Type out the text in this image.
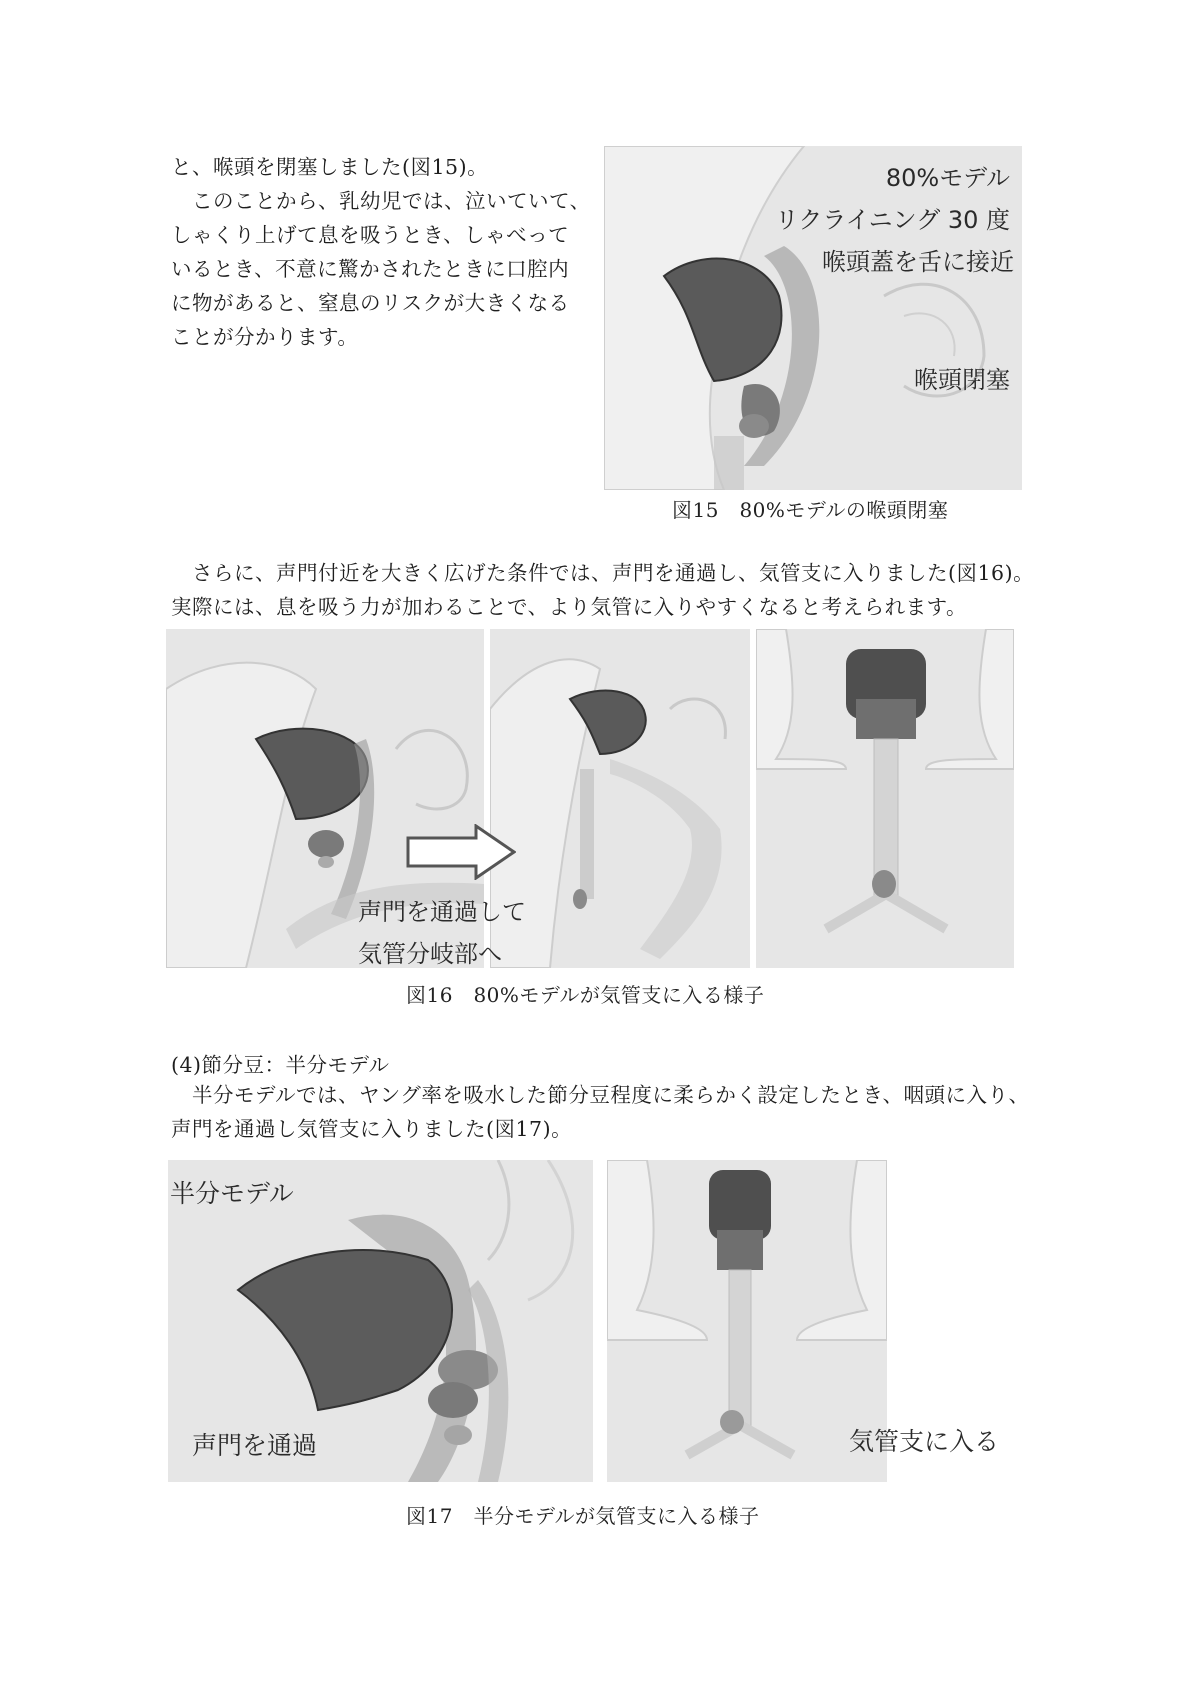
と、喉頭を閉塞しました(図15)。
　このことから、乳幼児では、泣いていて、
しゃくり上げて息を吸うとき、しゃべって
いるとき、不意に驚かされたときに口腔内
に物があると、窒息のリスクが大きくなる
ことが分かります。
80%モデル
リクライニング 30 度
喉頭蓋を舌に接近
喉頭閉塞
図15　80%モデルの喉頭閉塞
　さらに、声門付近を大きく広げた条件では、声門を通過し、気管支に入りました(図16)。
実際には、息を吸う力が加わることで、より気管に入りやすくなると考えられます。
声門を通過して
気管分岐部へ
図16　80%モデルが気管支に入る様子
(4)節分豆：半分モデル
　半分モデルでは、ヤング率を吸水した節分豆程度に柔らかく設定したとき、咽頭に入り、
声門を通過し気管支に入りました(図17)。
半分モデル
声門を通過	気管支に入る
図17　半分モデルが気管支に入る様子
